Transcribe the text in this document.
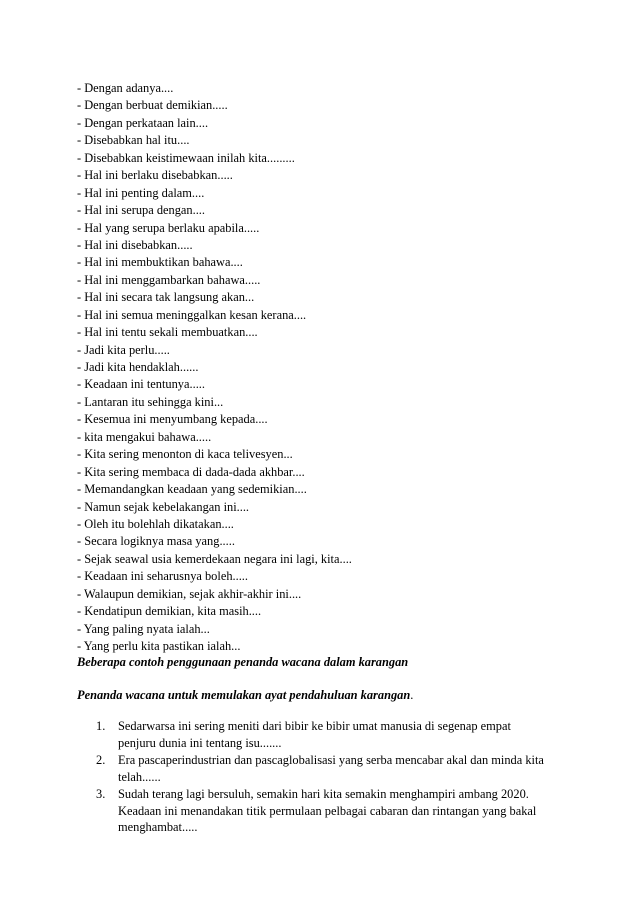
- Dengan adanya....
- Dengan berbuat demikian.....
- Dengan perkataan lain....
- Disebabkan hal itu....
- Disebabkan keistimewaan inilah kita.........
- Hal ini berlaku disebabkan.....
- Hal ini penting dalam....
- Hal ini serupa dengan....
- Hal yang serupa berlaku apabila.....
- Hal ini disebabkan.....
- Hal ini membuktikan bahawa....
- Hal ini menggambarkan bahawa.....
- Hal ini secara tak langsung akan...
- Hal ini semua meninggalkan kesan kerana....
- Hal ini tentu sekali membuatkan....
- Jadi kita perlu.....
- Jadi kita hendaklah......
- Keadaan ini tentunya.....
- Lantaran itu sehingga kini...
- Kesemua ini menyumbang kepada....
- kita mengakui bahawa.....
- Kita sering menonton di kaca telivesyen...
- Kita sering membaca di dada-dada akhbar....
- Memandangkan keadaan yang sedemikian....
- Namun sejak kebelakangan ini....
- Oleh itu bolehlah dikatakan....
- Secara logiknya masa yang.....
- Sejak seawal usia kemerdekaan negara ini lagi, kita....
- Keadaan ini seharusnya boleh.....
- Walaupun demikian, sejak akhir-akhir ini....
- Kendatipun demikian, kita masih....
- Yang paling nyata ialah...
- Yang perlu kita pastikan ialah...

Beberapa contoh penggunaan penanda wacana dalam karangan

Penanda wacana untuk memulakan ayat pendahuluan karangan.

1. Sedarwarsa ini sering meniti dari bibir ke bibir umat manusia di segenap empat penjuru dunia ini tentang isu.......
2. Era pascaperindustrian dan pascaglobalisasi yang serba mencabar akal dan minda kita telah......
3. Sudah terang lagi bersuluh, semakin hari kita semakin menghampiri ambang 2020. Keadaan ini menandakan titik permulaan pelbagai cabaran dan rintangan yang bakal menghambat.....
